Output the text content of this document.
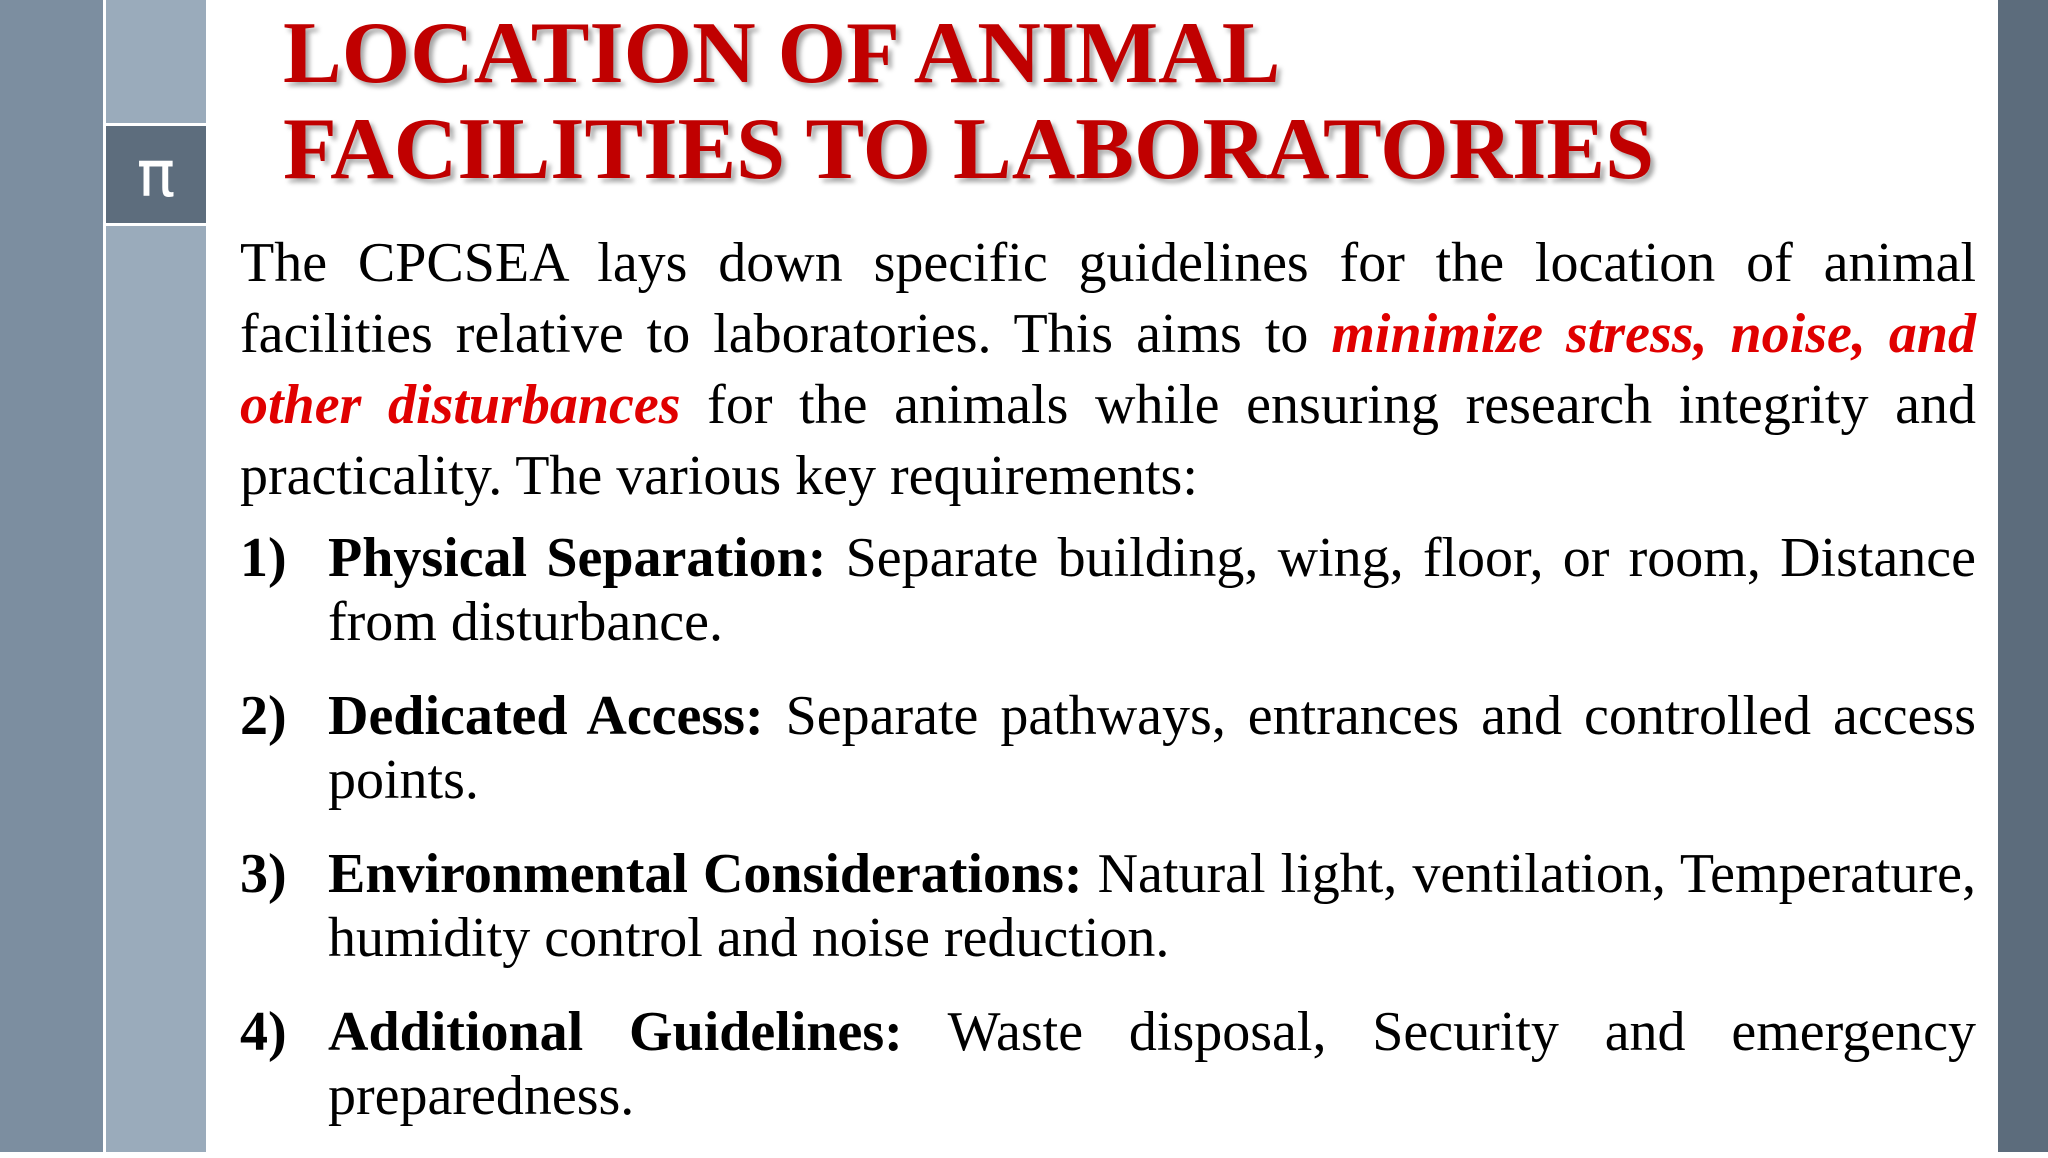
π
LOCATION OF ANIMAL
FACILITIES TO LABORATORIES

The CPCSEA lays down specific guidelines for the location of animal facilities relative to laboratories. This aims to minimize stress, noise, and other disturbances for the animals while ensuring research integrity and practicality. The various key requirements:

1) Physical Separation: Separate building, wing, floor, or room, Distance from disturbance.
2) Dedicated Access: Separate pathways, entrances and controlled access points.
3) Environmental Considerations: Natural light, ventilation, Temperature, humidity control and noise reduction.
4) Additional Guidelines: Waste disposal, Security and emergency preparedness.
